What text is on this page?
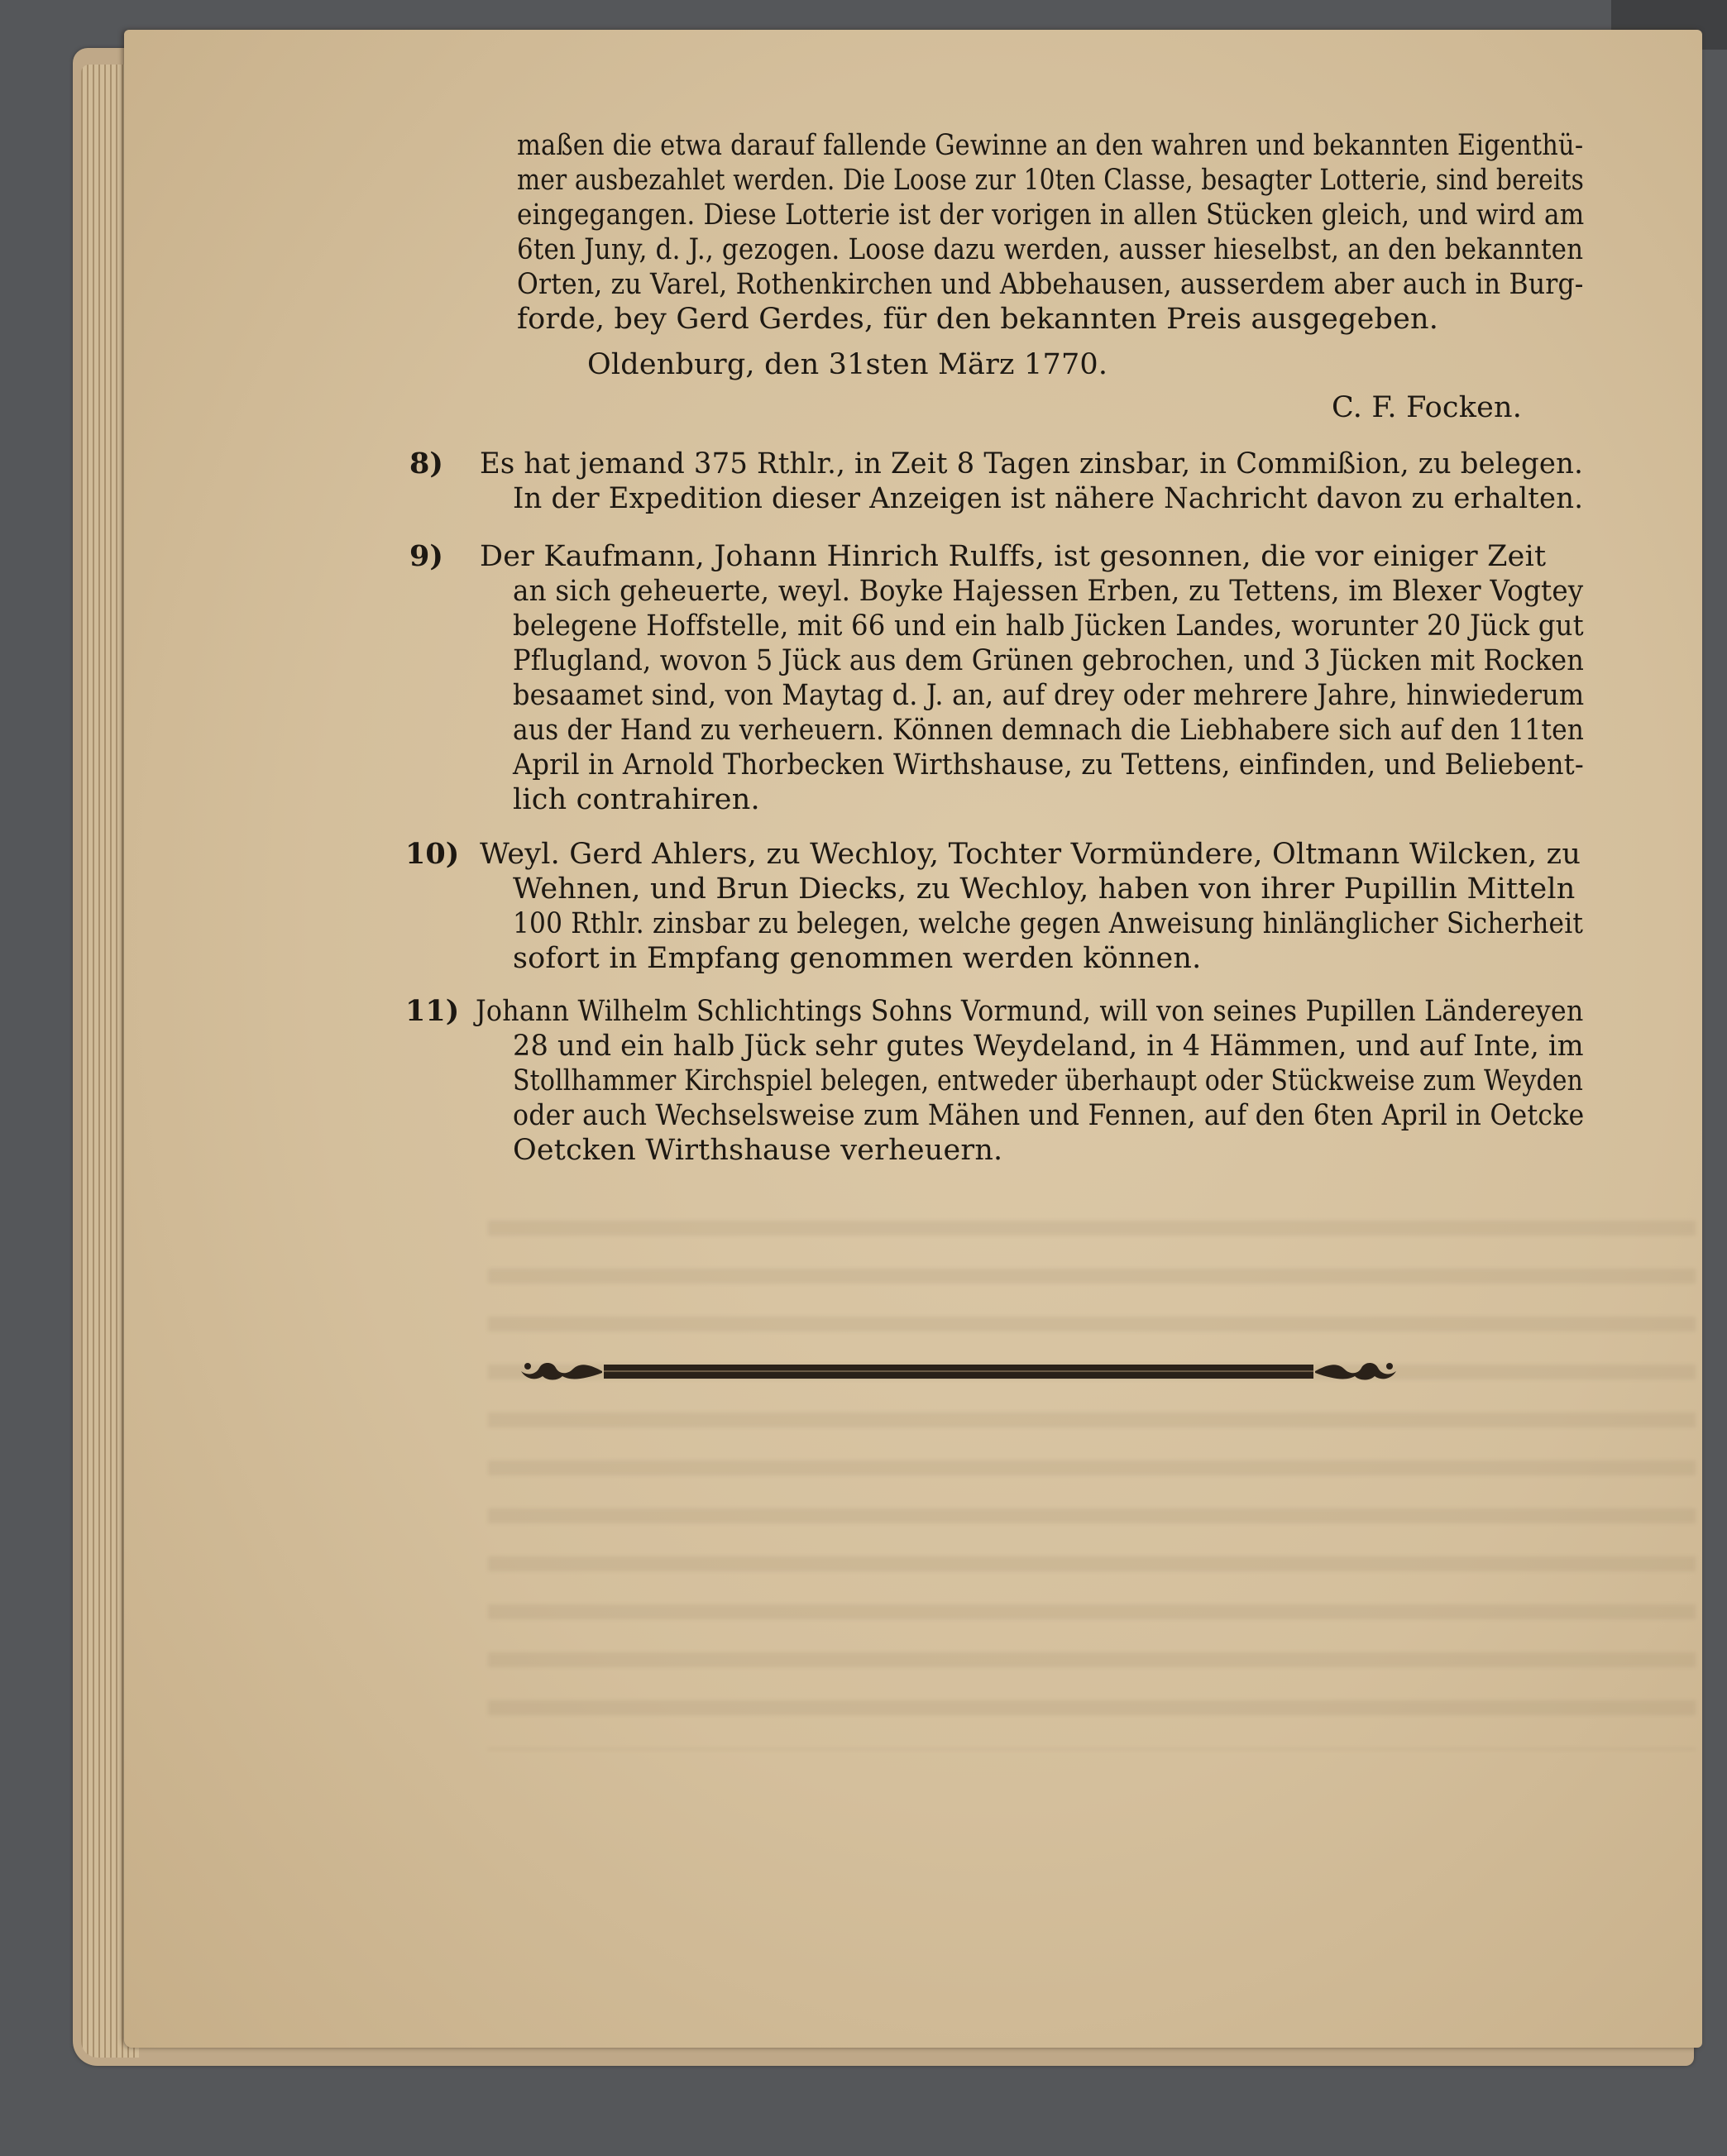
maßen die etwa darauf fallende Gewinne an den wahren und bekannten Eigenthü-
mer ausbezahlet werden. Die Loose zur 10ten Classe, besagter Lotterie, sind bereits
eingegangen. Diese Lotterie ist der vorigen in allen Stücken gleich, und wird am
6ten Juny, d. J., gezogen. Loose dazu werden, ausser hieselbst, an den bekannten
Orten, zu Varel, Rothenkirchen und Abbehausen, ausserdem aber auch in Burg-
forde, bey Gerd Gerdes, für den bekannten Preis ausgegeben.
Oldenburg, den 31sten März 1770.
C. F. Focken.
8) Es hat jemand 375 Rthlr., in Zeit 8 Tagen zinsbar, in Commißion, zu belegen.
In der Expedition dieser Anzeigen ist nähere Nachricht davon zu erhalten.
9) Der Kaufmann, Johann Hinrich Rulffs, ist gesonnen, die vor einiger Zeit
an sich geheuerte, weyl. Boyke Hajessen Erben, zu Tettens, im Blexer Vogtey
belegene Hoffstelle, mit 66 und ein halb Jücken Landes, worunter 20 Jück gut
Pflugland, wovon 5 Jück aus dem Grünen gebrochen, und 3 Jücken mit Rocken
besaamet sind, von Maytag d. J. an, auf drey oder mehrere Jahre, hinwiederum
aus der Hand zu verheuern. Können demnach die Liebhabere sich auf den 11ten
April in Arnold Thorbecken Wirthshause, zu Tettens, einfinden, und Beliebent-
lich contrahiren.
10) Weyl. Gerd Ahlers, zu Wechloy, Tochter Vormündere, Oltmann Wilcken, zu
Wehnen, und Brun Diecks, zu Wechloy, haben von ihrer Pupillin Mitteln
100 Rthlr. zinsbar zu belegen, welche gegen Anweisung hinlänglicher Sicherheit
sofort in Empfang genommen werden können.
11) Johann Wilhelm Schlichtings Sohns Vormund, will von seines Pupillen Ländereyen
28 und ein halb Jück sehr gutes Weydeland, in 4 Hämmen, und auf Inte, im
Stollhammer Kirchspiel belegen, entweder überhaupt oder Stückweise zum Weyden
oder auch Wechselsweise zum Mähen und Fennen, auf den 6ten April in Oetcke
Oetcken Wirthshause verheuern.
